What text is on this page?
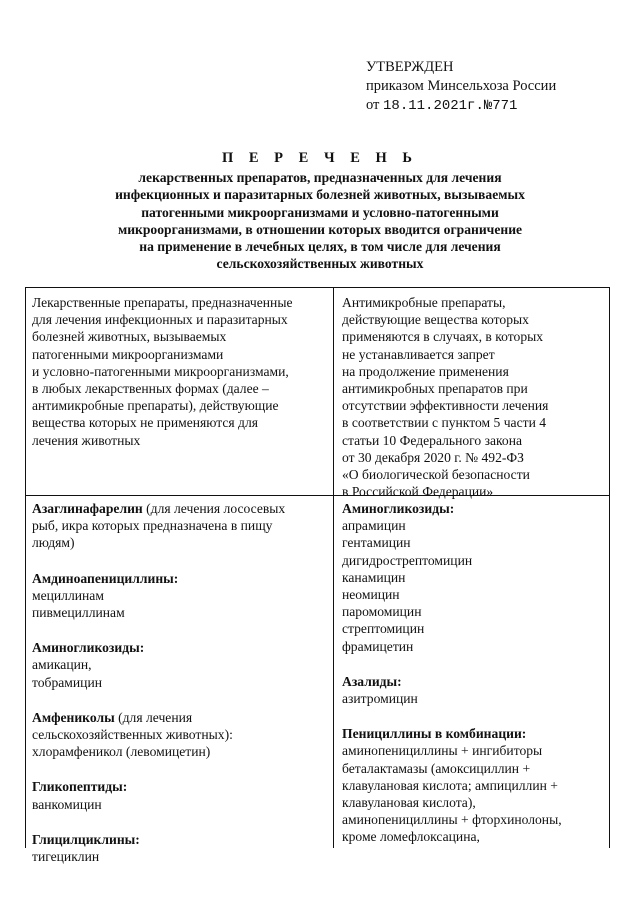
УТВЕРЖДЕН
приказом Минсельхоза России
от 18.11.2021г.№771
П Е Р Е Ч Е Н Ь
лекарственных препаратов, предназначенных для лечения
инфекционных и паразитарных болезней животных, вызываемых
патогенными микроорганизмами и условно-патогенными
микроорганизмами, в отношении которых вводится ограничение
на применение в лечебных целях, в том числе для лечения
сельскохозяйственных животных
Лекарственные препараты, предназначенные
для лечения инфекционных и паразитарных
болезней животных, вызываемых
патогенными микроорганизмами
и условно-патогенными микроорганизмами,
в любых лекарственных формах (далее –
антимикробные препараты), действующие
вещества которых не применяются для
лечения животных
Антимикробные препараты,
действующие вещества которых
применяются в случаях, в которых
не устанавливается запрет
на продолжение применения
антимикробных препаратов при
отсутствии эффективности лечения
в соответствии с пунктом 5 части 4
статьи 10 Федерального закона
от 30 декабря 2020 г. № 492-ФЗ
«О биологической безопасности
в Российской Федерации»
Азаглинафарелин (для лечения лососевых
рыб, икра которых предназначена в пищу
людям)
Амдиноапенициллины:
мециллинам
пивмециллинам
Аминогликозиды:
амикацин,
тобрамицин
Амфениколы (для лечения
сельскохозяйственных животных):
хлорамфеникол (левомицетин)
Гликопептиды:
ванкомицин
Глицилциклины:
тигециклин
Аминогликозиды:
апрамицин
гентамицин
дигидрострептомицин
канамицин
неомицин
паромомицин
стрептомицин
фрамицетин
Азалиды:
азитромицин
Пенициллины в комбинации:
аминопенициллины + ингибиторы
беталактамазы (амоксициллин +
клавулановая кислота; ампициллин +
клавулановая кислота),
аминопенициллины + фторхинолоны,
кроме ломефлоксацина,
